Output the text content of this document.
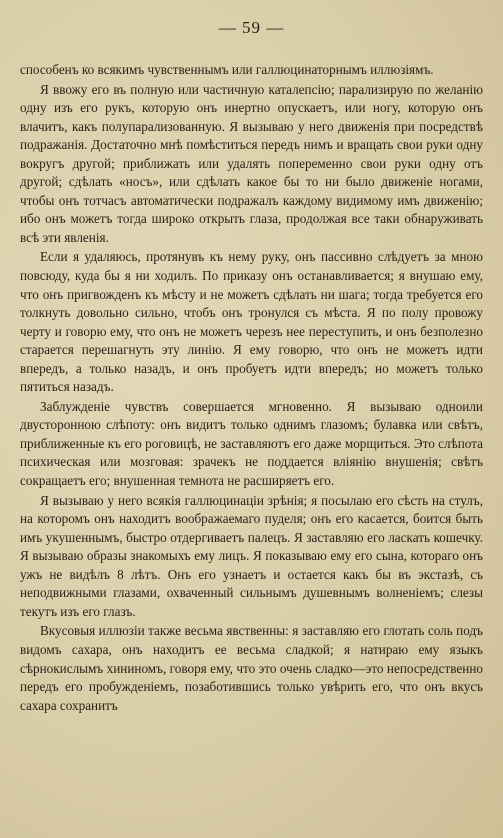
— 59 —

способенъ ко всякимъ чувственнымъ или галлюцинаторнымъ иллюзіямъ.

Я ввожу его въ полную или частичную каталепсію; парализирую по желанію одну изъ его рукъ, которую онъ инертно опускаетъ, или ногу, которую онъ влачитъ, какъ полупарализованную. Я вызываю у него движенія при посредствѣ подражанія. Достаточно мнѣ помѣститься передъ нимъ и вращать свои руки одну вокругъ другой; приближать или удалять попеременно свои руки одну отъ другой; сдѣлать «носъ», или сдѣлать какое бы то ни было движеніе ногами, чтобы онъ тотчасъ автоматически подражалъ каждому видимому имъ движенію; ибо онъ можетъ тогда широко открыть глаза, продолжая все таки обнаруживать всѣ эти явленія.

Если я удаляюсь, протянувъ къ нему руку, онъ пассивно слѣдуетъ за мною повсюду, куда бы я ни ходилъ. По приказу онъ останавливается; я внушаю ему, что онъ пригвожденъ къ мѣсту и не можетъ сдѣлать ни шага; тогда требуется его толкнуть довольно сильно, чтобъ онъ тронулся съ мѣста. Я по полу провожу черту и говорю ему, что онъ не можетъ черезъ нее переступить, и онъ безполезно старается перешагнуть эту линію. Я ему говорю, что онъ не можетъ идти впередъ, а только назадъ, и онъ пробуетъ идти впередъ; но можетъ только пятиться назадъ.

Заблужденіе чувствъ совершается мгновенно. Я вызываю одноили двусторонною слѣпоту: онъ видитъ только однимъ глазомъ; булавка или свѣтъ, приближенные къ его роговицѣ, не заставляютъ его даже морщиться. Это слѣпота психическая или мозговая: зрачекъ не поддается вліянію внушенія; свѣтъ сокращаетъ его; внушенная темнота не расширяетъ его.

Я вызываю у него всякія галлюцинаціи зрѣнія; я посылаю его сѣсть на стулъ, на которомъ онъ находитъ воображаемаго пуделя; онъ его касается, боится быть имъ укушеннымъ, быстро отдергиваетъ палецъ. Я заставляю его ласкать кошечку. Я вызываю образы знакомыхъ ему лицъ. Я показываю ему его сына, котораго онъ ужъ не видѣлъ 8 лѣтъ. Онъ его узнаетъ и остается какъ бы въ экстазѣ, съ неподвижными глазами, охваченный сильнымъ душевнымъ волненіемъ; слезы текутъ изъ его глазъ.

Вкусовыя иллюзіи также весьма явственны: я заставляю его глотать соль подъ видомъ сахара, онъ находитъ ее весьма сладкой; я натираю ему языкъ сѣрнокислымъ хининомъ, говоря ему, что это очень сладко—это непосредственно передъ его пробужденіемъ, позаботившись только увѣрить его, что онъ вкусъ сахара сохранитъ
